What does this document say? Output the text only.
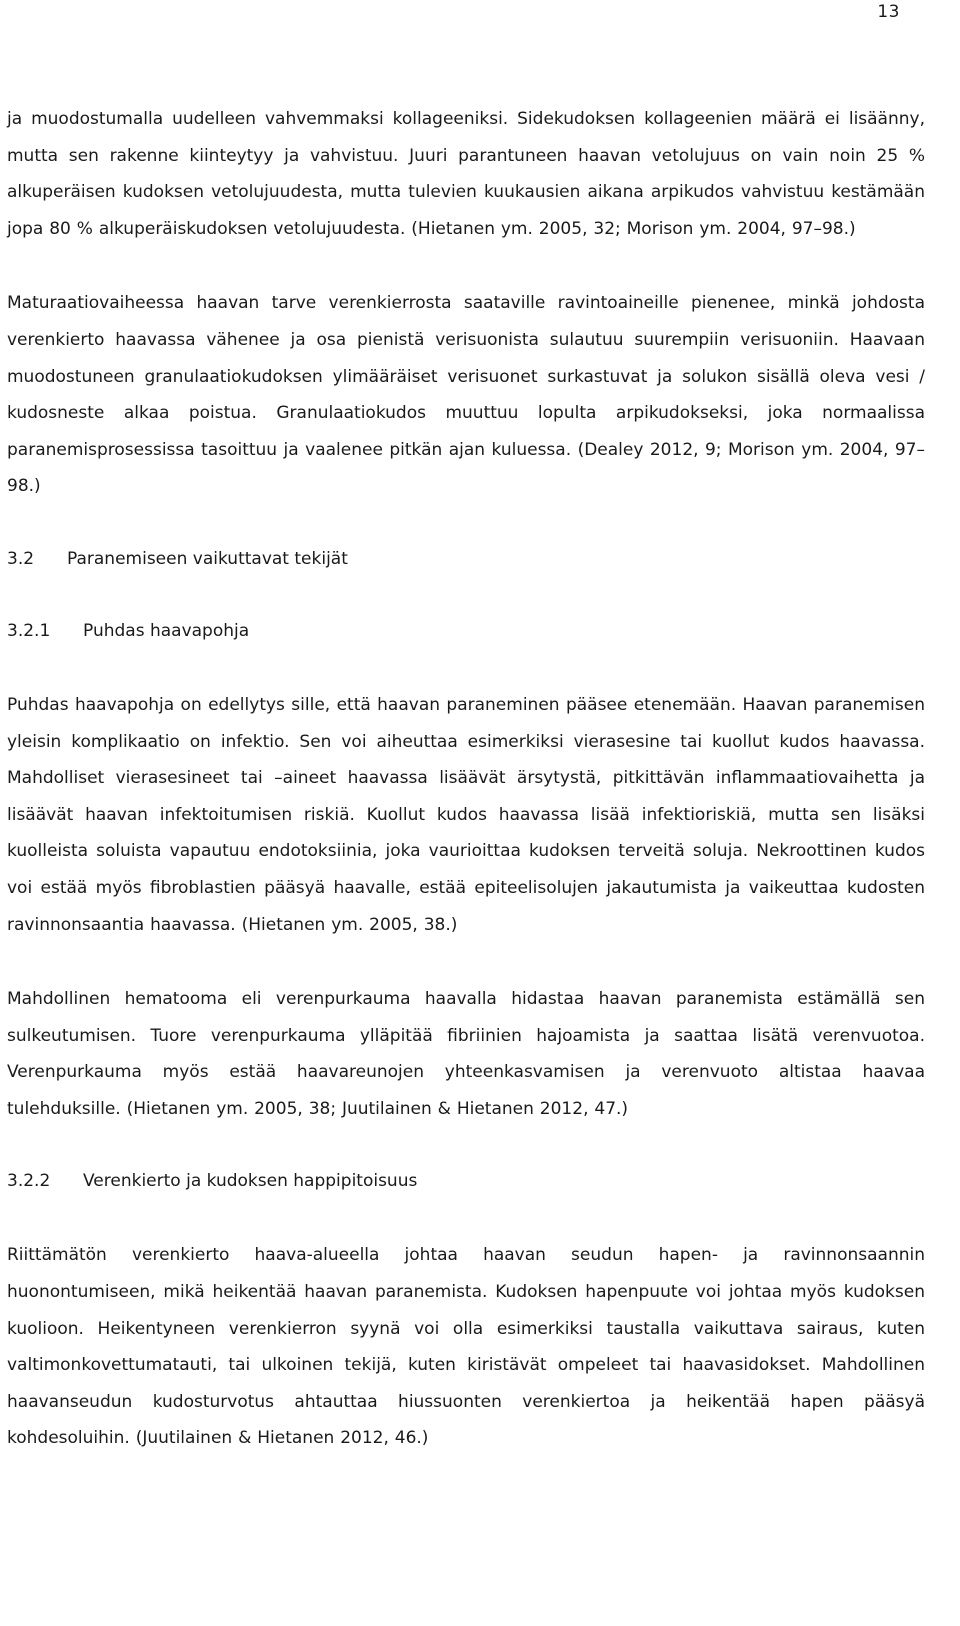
13

ja muodostumalla uudelleen vahvemmaksi kollageeniksi. Sidekudoksen kollageenien määrä ei lisäänny, mutta sen rakenne kiinteytyy ja vahvistuu. Juuri parantuneen haavan vetolujuus on vain noin 25 % alkuperäisen kudoksen vetolujuudesta, mutta tulevien kuukausien aikana arpikudos vahvistuu kestämään jopa 80 % alkuperäiskudoksen vetolujuudesta. (Hietanen ym. 2005, 32; Morison ym. 2004, 97–98.)

Maturaatiovaiheessa haavan tarve verenkierrosta saataville ravintoaineille pienenee, minkä johdosta verenkierto haavassa vähenee ja osa pienistä verisuonista sulautuu suurempiin verisuoniin. Haavaan muodostuneen granulaatiokudoksen ylimääräiset verisuonet surkastuvat ja solukon sisällä oleva vesi / kudosneste alkaa poistua. Granulaatiokudos muuttuu lopulta arpikudokseksi, joka normaalissa paranemisprosessissa tasoittuu ja vaalenee pitkän ajan kuluessa. (Dealey 2012, 9; Morison ym. 2004, 97–98.)

3.2	Paranemiseen vaikuttavat tekijät
3.2.1	Puhdas haavapohja

Puhdas haavapohja on edellytys sille, että haavan paraneminen pääsee etenemään. Haavan paranemisen yleisin komplikaatio on infektio. Sen voi aiheuttaa esimerkiksi vierasesine tai kuollut kudos haavassa. Mahdolliset vierasesineet tai –aineet haavassa lisäävät ärsytystä, pitkittävän inflammaatiovaihetta ja lisäävät haavan infektoitumisen riskiä. Kuollut kudos haavassa lisää infektioriskiä, mutta sen lisäksi kuolleista soluista vapautuu endotoksiinia, joka vaurioittaa kudoksen terveitä soluja. Nekroottinen kudos voi estää myös fibroblastien pääsyä haavalle, estää epiteelisolujen jakautumista ja vaikeuttaa kudosten ravinnonsaantia haavassa. (Hietanen ym. 2005, 38.)

Mahdollinen hematooma eli verenpurkauma haavalla hidastaa haavan paranemista estämällä sen sulkeutumisen. Tuore verenpurkauma ylläpitää fibriinien hajoamista ja saattaa lisätä verenvuotoa. Verenpurkauma myös estää haavareunojen yhteenkasvamisen ja verenvuoto altistaa haavaa tulehduksille. (Hietanen ym. 2005, 38; Juutilainen & Hietanen 2012, 47.)

3.2.2	Verenkierto ja kudoksen happipitoisuus

Riittämätön verenkierto haava-alueella johtaa haavan seudun hapen- ja ravinnonsaannin huonontumiseen, mikä heikentää haavan paranemista. Kudoksen hapenpuute voi johtaa myös kudoksen kuolioon. Heikentyneen verenkierron syynä voi olla esimerkiksi taustalla vaikuttava sairaus, kuten valtimonkovettumatauti, tai ulkoinen tekijä, kuten kiristävät ompeleet tai haavasidokset. Mahdollinen haavanseudun kudosturvotus ahtauttaa hiussuonten verenkiertoa ja heikentää hapen pääsyä kohdesoluihin. (Juutilainen & Hietanen 2012, 46.)
